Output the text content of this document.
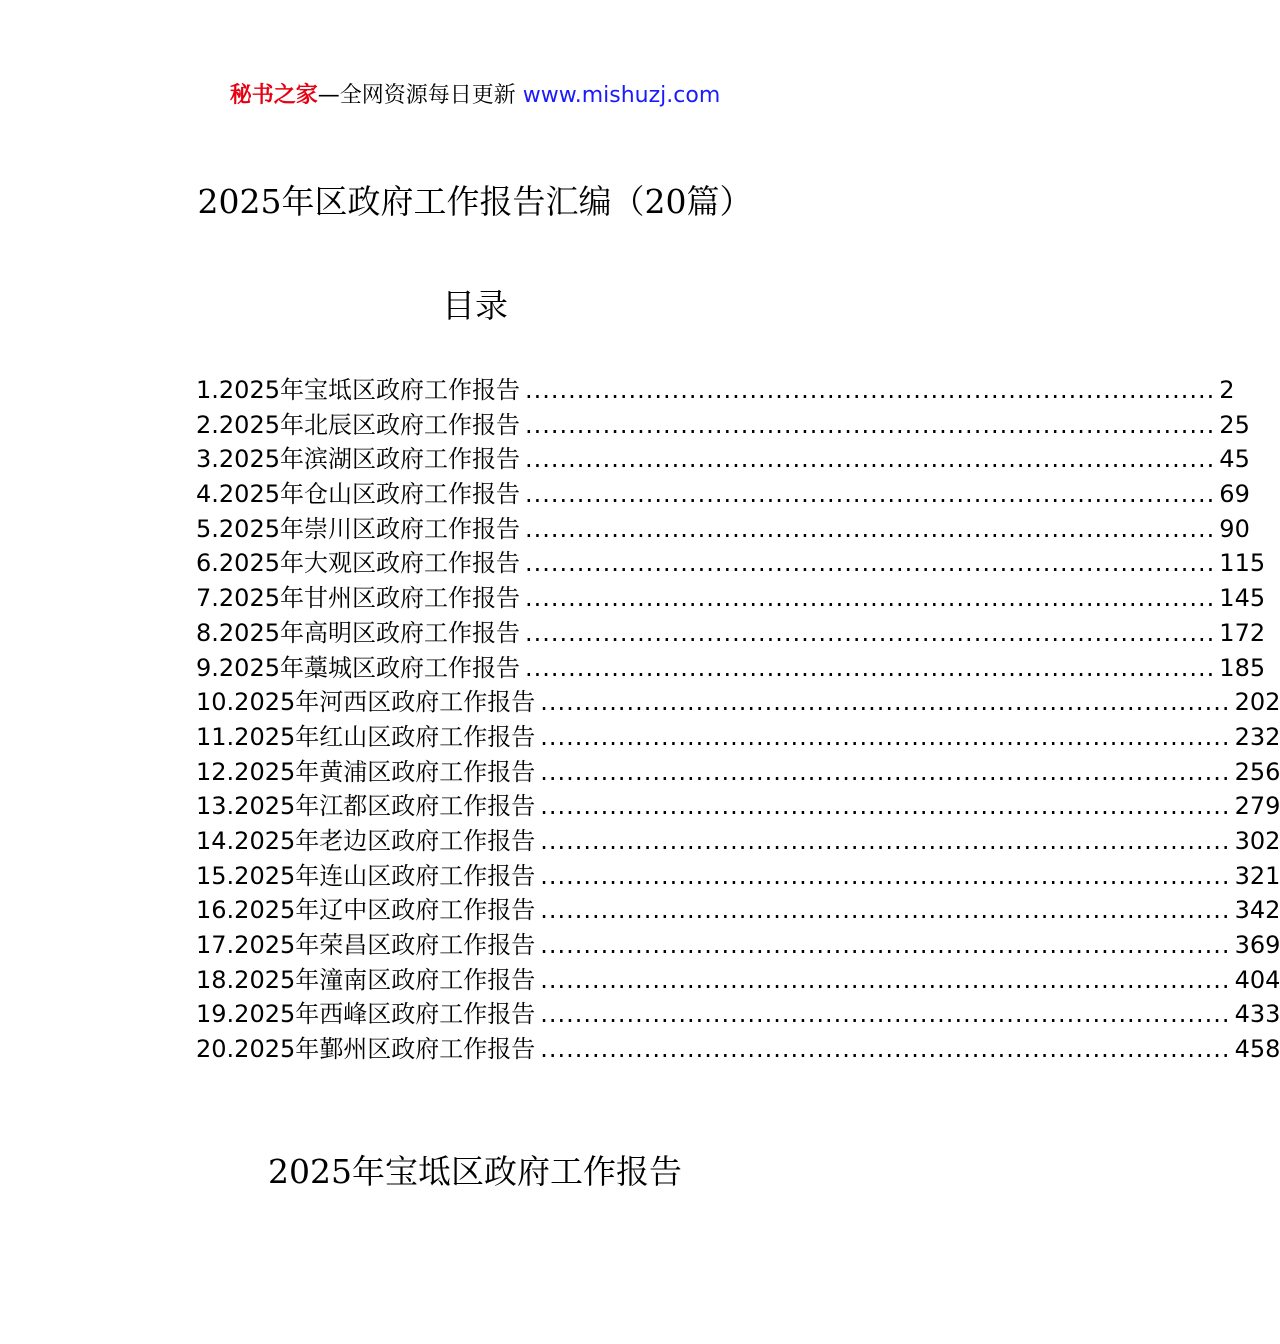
秘书之家—全网资源每日更新 www.mishuzj.com
2025年区政府工作报告汇编（20篇）
目录
1.2025年宝坻区政府工作报告 ................................................................................ 2
2.2025年北辰区政府工作报告 ................................................................................ 25
3.2025年滨湖区政府工作报告 ................................................................................ 45
4.2025年仓山区政府工作报告 ................................................................................ 69
5.2025年崇川区政府工作报告 ................................................................................ 90
6.2025年大观区政府工作报告 ................................................................................ 115
7.2025年甘州区政府工作报告 ................................................................................ 145
8.2025年高明区政府工作报告 ................................................................................ 172
9.2025年藁城区政府工作报告 ................................................................................ 185
10.2025年河西区政府工作报告 ................................................................................ 202
11.2025年红山区政府工作报告 ................................................................................ 232
12.2025年黄浦区政府工作报告 ................................................................................ 256
13.2025年江都区政府工作报告 ................................................................................ 279
14.2025年老边区政府工作报告 ................................................................................ 302
15.2025年连山区政府工作报告 ................................................................................ 321
16.2025年辽中区政府工作报告 ................................................................................ 342
17.2025年荣昌区政府工作报告 ................................................................................ 369
18.2025年潼南区政府工作报告 ................................................................................ 404
19.2025年西峰区政府工作报告 ................................................................................ 433
20.2025年鄞州区政府工作报告 ................................................................................ 458
2025年宝坻区政府工作报告
